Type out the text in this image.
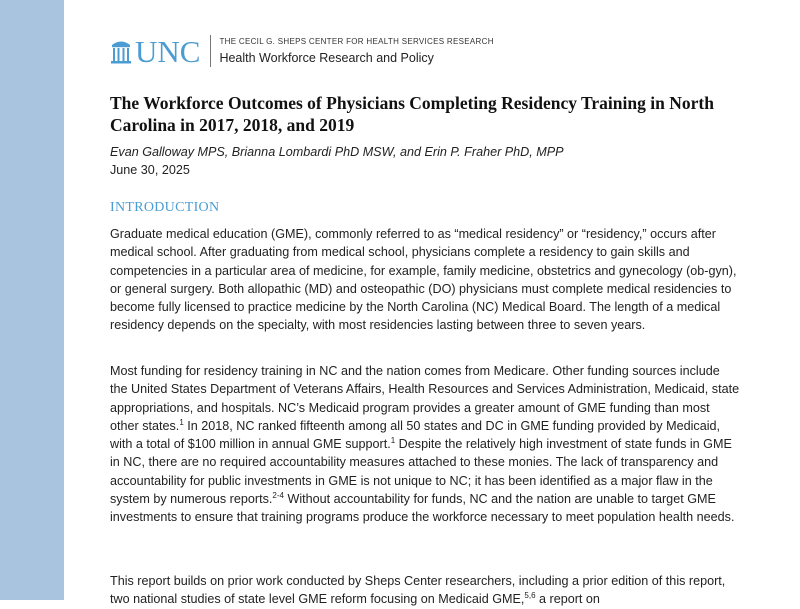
UNC THE CECIL G. SHEPS CENTER FOR HEALTH SERVICES RESEARCH
Health Workforce Research and Policy
The Workforce Outcomes of Physicians Completing Residency Training in North Carolina in 2017, 2018, and 2019
Evan Galloway MPS, Brianna Lombardi PhD MSW, and Erin P. Fraher PhD, MPP
June 30, 2025
INTRODUCTION

Graduate medical education (GME), commonly referred to as “medical residency” or “residency,” occurs after medical school. After graduating from medical school, physicians complete a residency to gain skills and competencies in a particular area of medicine, for example, family medicine, obstetrics and gynecology (ob-gyn), or general surgery. Both allopathic (MD) and osteopathic (DO) physicians must complete medical residencies to become fully licensed to practice medicine by the North Carolina (NC) Medical Board. The length of a medical residency depends on the specialty, with most residencies lasting between three to seven years.

Most funding for residency training in NC and the nation comes from Medicare. Other funding sources include the United States Department of Veterans Affairs, Health Resources and Services Administration, Medicaid, state appropriations, and hospitals. NC’s Medicaid program provides a greater amount of GME funding than most other states.$^1$ In 2018, NC ranked fifteenth among all 50 states and DC in GME funding provided by Medicaid, with a total of $100 million in annual GME support.$^1$ Despite the relatively high investment of state funds in GME in NC, there are no required accountability measures attached to these monies. The lack of transparency and accountability for public investments in GME is not unique to NC; it has been identified as a major flaw in the system by numerous reports.$^{2-4}$ Without accountability for funds, NC and the nation are unable to target GME investments to ensure that training programs produce the workforce necessary to meet population health needs.

This report builds on prior work conducted by Sheps Center researchers, including a prior edition of this report, two national studies of state level GME reform focusing on Medicaid GME,$^{5,6}$ a report on
